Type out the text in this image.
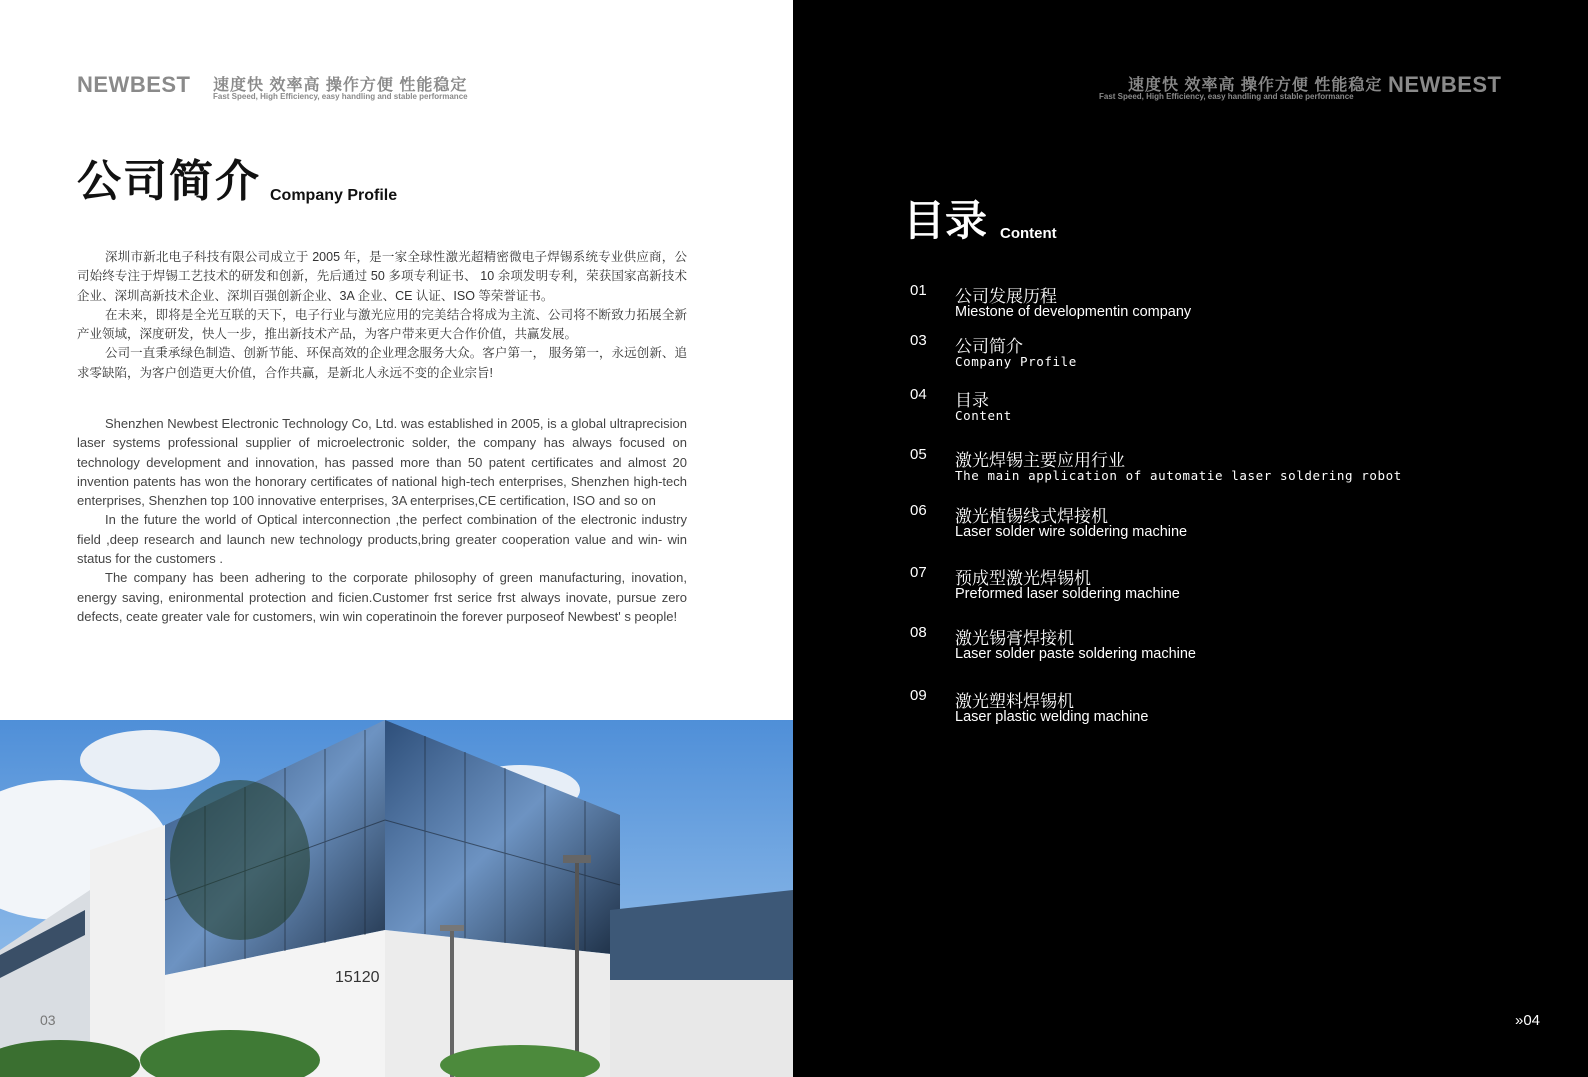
NEWBEST 速度快 效率高 操作方便 性能稳定
Fast Speed, High Efficiency, easy handling and stable performance
公司简介 Company Profile

深圳市新北电子科技有限公司成立于 2005 年，是一家全球性激光超精密微电子焊锡系统专业供应商，公司始终专注于焊锡工艺技术的研发和创新，先后通过 50 多项专利证书、 10 余项发明专利，荣获国家高新技术企业、深圳高新技术企业、深圳百强创新企业、3A 企业、CE 认证、ISO 等荣誉证书。

在未来，即将是全光互联的天下，电子行业与激光应用的完美结合将成为主流、公司将不断致力拓展全新产业领域，深度研发，快人一步，推出新技术产品，为客户带来更大合作价值，共赢发展。

公司一直秉承绿色制造、创新节能、环保高效的企业理念服务大众。客户第一， 服务第一，永远创新、追求零缺陷，为客户创造更大价值，合作共赢，是新北人永远不变的企业宗旨!

Shenzhen Newbest Electronic Technology Co, Ltd. was established in 2005, is a global ultraprecision laser systems professional supplier of microelectronic solder, the company has always focused on technology development and innovation, has passed more than 50 patent certificates and almost 20 invention patents has won the honorary certificates of national high-tech enterprises, Shenzhen high-tech enterprises, Shenzhen top 100 innovative enterprises, 3A enterprises,CE certification, ISO and so on

In the future the world of Optical interconnection ,the perfect combination of the electronic industry field ,deep research and launch new technology products,bring greater cooperation value and win- win status for the customers .

The company has been adhering to the corporate philosophy of green manufacturing, inovation, energy saving, enironmental protection and ficien.Customer frst serice frst always inovate, pursue zero defects, ceate greater vale for customers, win win coperatinoin the forever purposeof Newbest' s people!

15120
03
速度快 效率高 操作方便 性能稳定
Fast Speed, High Efficiency, easy handling and stable performance NEWBEST
目录 Content
01 公司发展历程
Miestone of developmentin company
03 公司简介
Company Profile
04 目录
Content
05 激光焊锡主要应用行业
The main application of automatie laser soldering robot
06 激光植锡线式焊接机
Laser solder wire soldering machine
07 预成型激光焊锡机
Preformed laser soldering machine
08 激光锡膏焊接机
Laser solder paste soldering machine
09 激光塑料焊锡机
Laser plastic welding machine
»04
